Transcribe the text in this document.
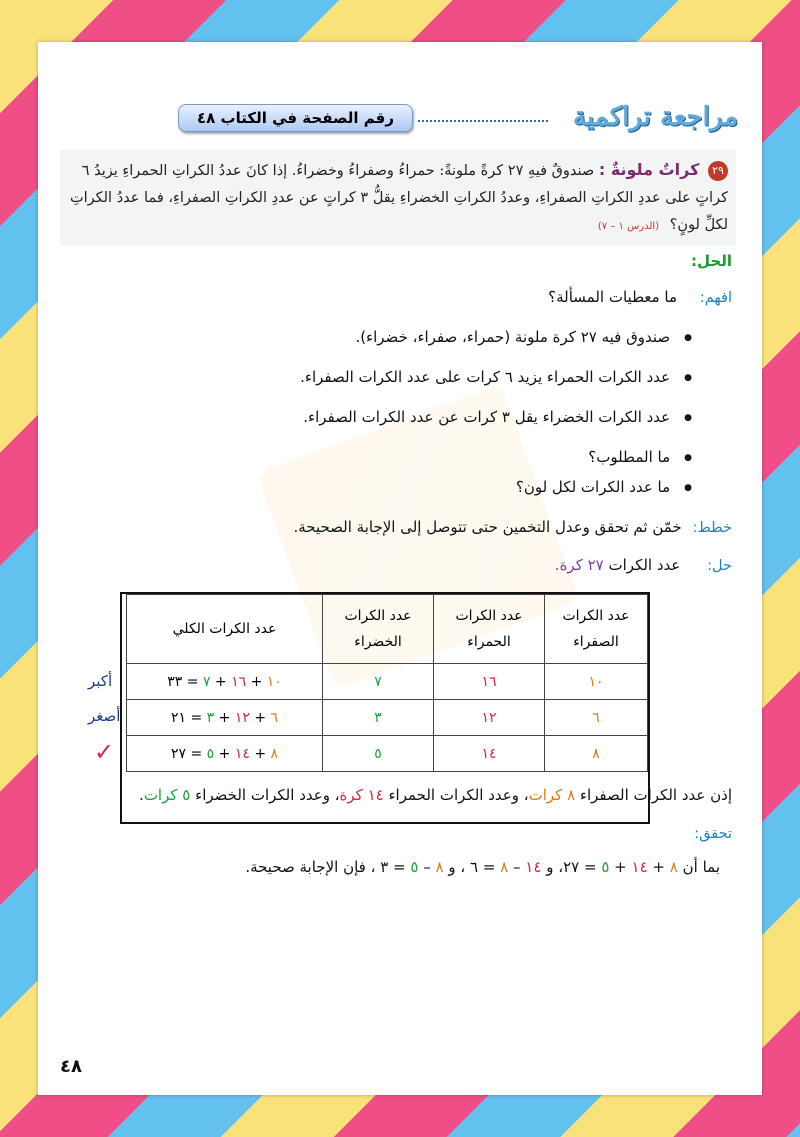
مراجعة تراكمية
رقم الصفحة في الكتاب ٤٨
٢٩ كراتٌ ملونةٌ : صندوقٌ فيهِ ٢٧ كرةً ملونةً: حمراءُ وصفراءُ وخضراءُ. إذا كانَ عددُ الكراتِ الحمراءِ يزيدُ ٦ كراتٍ على عددِ الكراتِ الصفراءِ، وعددُ الكراتِ الخضراءِ يقلُّ ٣ كراتٍ عن عددِ الكراتِ الصفراءِ، فما عددُ الكراتِ لكلِّ لونٍ؟ (الدرس ١ – ٧)
الحل:
افهم: ما معطيات المسألة؟
● صندوق فيه ٢٧ كرة ملونة (حمراء، صفراء، خضراء).
● عدد الكرات الحمراء يزيد ٦ كرات على عدد الكرات الصفراء.
● عدد الكرات الخضراء يقل ٣ كرات عن عدد الكرات الصفراء.
● ما المطلوب؟
● ما عدد الكرات لكل لون؟
خطط: خمّن ثم تحقق وعدل التخمين حتى تتوصل إلى الإجابة الصحيحة.
حل: عدد الكرات ٢٧ كرة.
عدد الكرات الصفراء	عدد الكرات الحمراء	عدد الكرات الخضراء	عدد الكرات الكلي
١٠	١٦	٧	١٠ + ١٦ + ٧ = ٣٣
٦	١٢	٣	٦ + ١٢ + ٣ = ٢١
٨	١٤	٥	٨ + ١٤ + ٥ = ٢٧
أكبر
أصغر
✓
إذن عدد الكرات الصفراء ٨ كرات، وعدد الكرات الحمراء ١٤ كرة، وعدد الكرات الخضراء ٥ كرات.
تحقق:
بما أن ٨ + ١٤ + ٥ = ٢٧، و ١٤ – ٨ = ٦ ، و ٨ – ٥ = ٣ ، فإن الإجابة صحيحة.
٤٨
